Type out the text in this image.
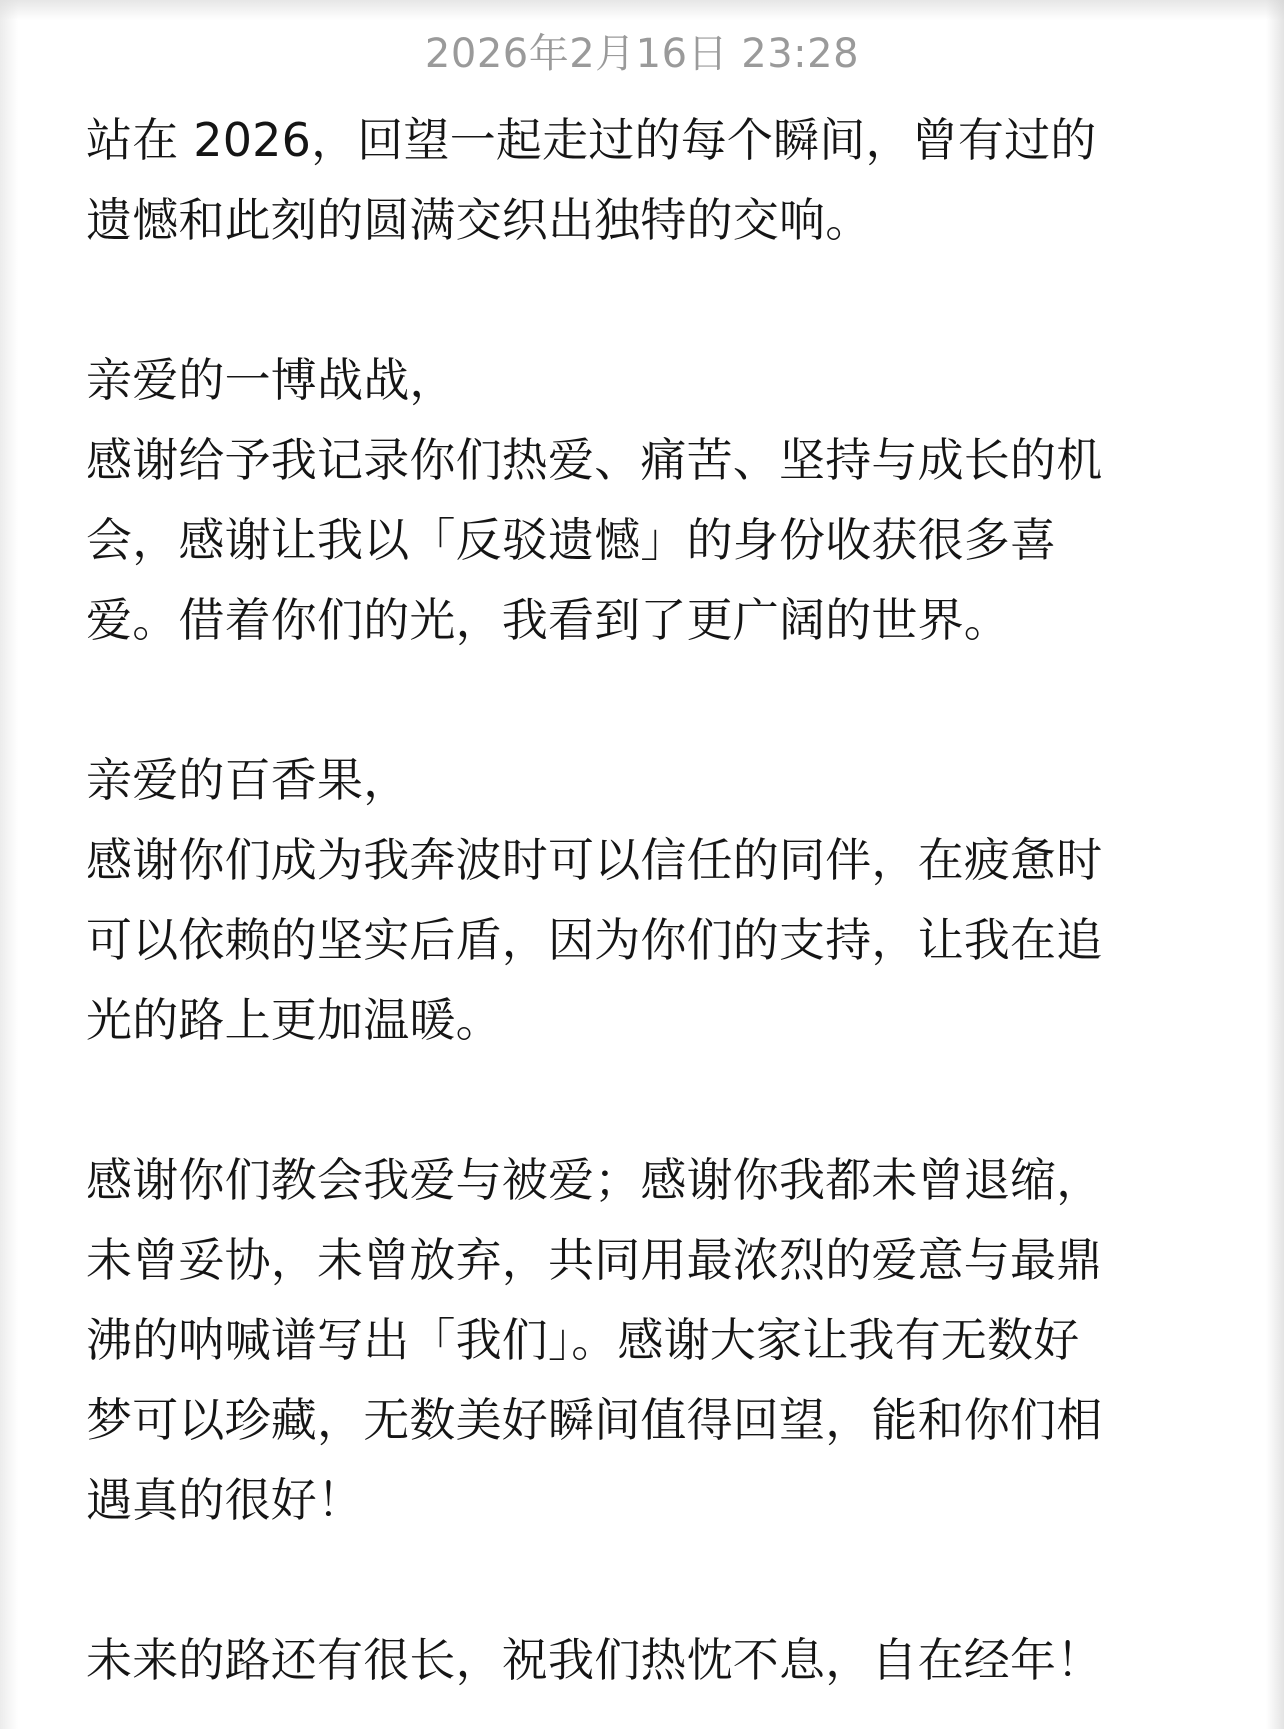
2026年2月16日 23:28
站在 2026，回望一起走过的每个瞬间，曾有过的
遗憾和此刻的圆满交织出独特的交响。
亲爱的一博战战，
感谢给予我记录你们热爱、痛苦、坚持与成长的机
会，感谢让我以「反驳遗憾」的身份收获很多喜
爱。借着你们的光，我看到了更广阔的世界。
亲爱的百香果，
感谢你们成为我奔波时可以信任的同伴，在疲惫时
可以依赖的坚实后盾，因为你们的支持，让我在追
光的路上更加温暖。
感谢你们教会我爱与被爱；感谢你我都未曾退缩，
未曾妥协，未曾放弃，共同用最浓烈的爱意与最鼎
沸的呐喊谱写出「我们」。感谢大家让我有无数好
梦可以珍藏，无数美好瞬间值得回望，能和你们相
遇真的很好！
未来的路还有很长，祝我们热忱不息，自在经年！
